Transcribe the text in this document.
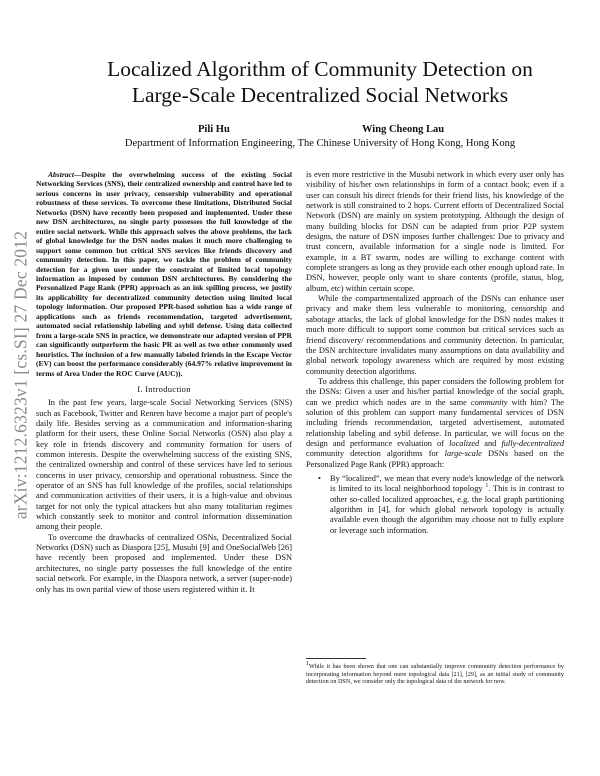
arXiv:1212.6323v1 [cs.SI] 27 Dec 2012
Localized Algorithm of Community Detection on
Large-Scale Decentralized Social Networks
Pili Hu	Wing Cheong Lau
Department of Information Engineering, The Chinese University of Hong Kong, Hong Kong

Abstract—Despite the overwhelming success of the existing Social Networking Services (SNS), their centralized ownership and control have led to serious concerns in user privacy, censorship vulnerability and operational robustness of these services. To overcome these limitations, Distributed Social Networks (DSN) have recently been proposed and implemented. Under these new DSN architectures, no single party possesses the full knowledge of the entire social network. While this approach solves the above problems, the lack of global knowledge for the DSN nodes makes it much more challenging to support some common but critical SNS services like friends discovery and community detection. In this paper, we tackle the problem of community detection for a given user under the constraint of limited local topology information as imposed by common DSN architectures. By considering the Personalized Page Rank (PPR) approach as an ink spilling process, we justify its applicability for decentralized community detection using limited local topology information. Our proposed PPR-based solution has a wide range of applications such as friends recommendation, targeted advertisement, automated social relationship labeling and sybil defense. Using data collected from a large-scale SNS in practice, we demonstrate our adapted version of PPR can significantly outperform the basic PR as well as two other commonly used heuristics. The inclusion of a few manually labeled friends in the Escape Vector (EV) can boost the performance considerably (64.97% relative improvement in terms of Area Under the ROC Curve (AUC)).

I. Introduction

In the past few years, large-scale Social Networking Services (SNS) such as Facebook, Twitter and Renren have become a major part of people's daily life. Besides serving as a communication and information-sharing platform for their users, these Online Social Networks (OSN) also play a key role in friends discovery and community formation for users of common interests. Despite the overwhelming success of the existing SNS, the centralized ownership and control of these services have led to serious concerns in user privacy, censorship and operational robustness. Since the operator of an SNS has full knowledge of the profiles, social relationships and communication activities of their users, it is a high-value and obvious target for not only the typical attackers but also many totalitarian regimes which constantly seek to monitor and control information dissemination among their people.

To overcome the drawbacks of centralized OSNs, Decentralized Social Networks (DSN) such as Diaspora [25], Musubi [9] and OneSocialWeb [26] have recently been proposed and implemented. Under these DSN architectures, no single party possesses the full knowledge of the entire social network. For example, in the Diaspora network, a server (super-node) only has its own partial view of those users registered within it. It

is even more restrictive in the Musubi network in which every user only has visibility of his/her own relationships in form of a contact book; even if a user can consult his direct friends for their friend lists, his knowledge of the network is still constrained to 2 hops. Current efforts of Decentralized Social Network (DSN) are mainly on system prototyping. Although the design of many building blocks for DSN can be adapted from prior P2P system designs, the nature of DSN imposes further challenges: Due to privacy and trust concern, available information for a single node is limited. For example, in a BT swarm, nodes are willing to exchange content with complete strangers as long as they provide each other enough upload rate. In DSN, however, people only want to share contents (profile, status, blog, album, etc) within certain scope.

While the compartmentalized approach of the DSNs can enhance user privacy and make them less vulnerable to monitoring, censorship and sabotage attacks, the lack of global knowledge for the DSN nodes makes it much more difficult to support some common but critical services such as friend discovery/ recommendations and community detection. In particular, the DSN architecture invalidates many assumptions on data availability and global network topology awareness which are required by most existing community detection algorithms.

To address this challenge, this paper considers the following problem for the DSNs: Given a user and his/her partial knowledge of the social graph, can we predict which nodes are in the same community with him? The solution of this problem can support many fundamental services of DSN including friends recommendation, targeted advertisement, automated relationship labeling and sybil defense. In particular, we will focus on the design and performance evaluation of localized and fully-decentralized community detection algorithms for large-scale DSNs based on the Personalized Page Rank (PPR) approach:

•	By “localized”, we mean that every node's knowledge of the network is limited to its local neighborhood topology $^1$. This is in contrast to other so-called localized approaches, e.g. the local graph partitioning algorithm in [4], for which global network topology is actually available even though the algorithm may choose not to fully explore or leverage such information.
$^1$While it has been shown that one can substantially improve community detection performance by incorporating information beyond mere topological data [21], [29], as an initial study of community detection on DSN, we consider only the topological data of the network for now.
